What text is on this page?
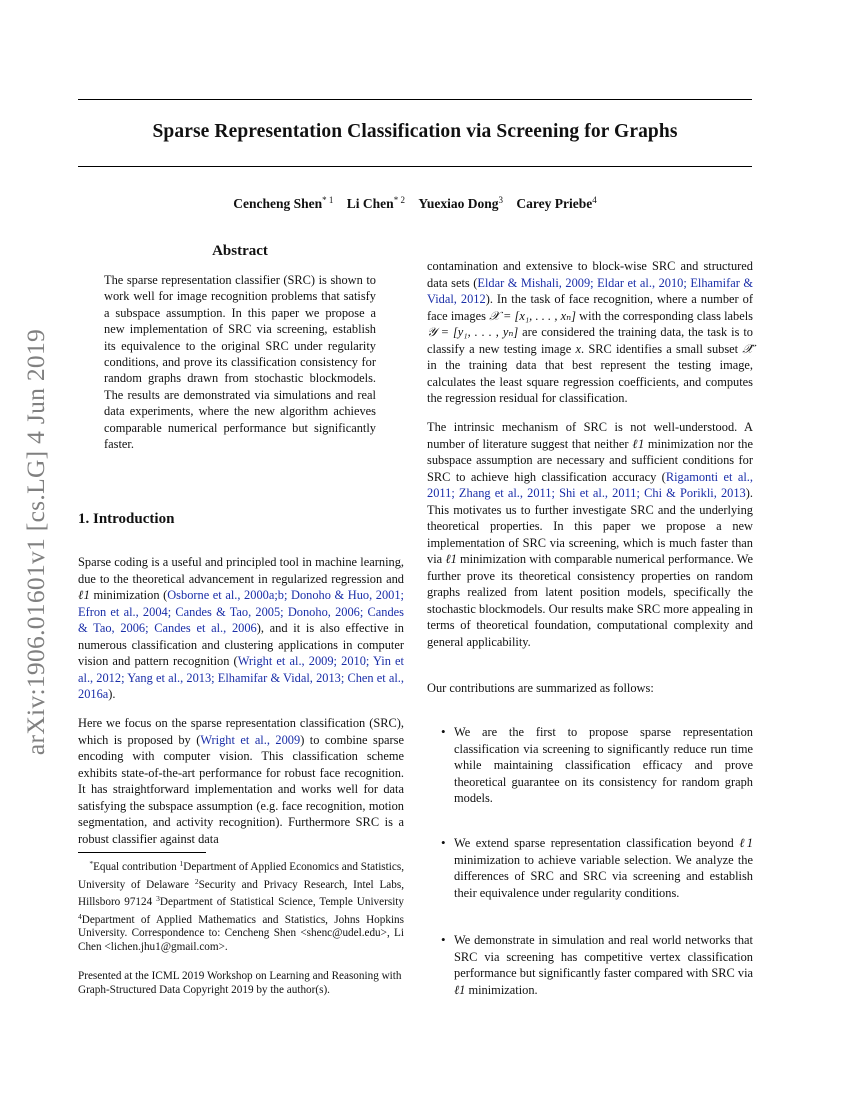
Sparse Representation Classification via Screening for Graphs
Cencheng Shen$^{* 1}$ Li Chen$^{* 2}$ Yuexiao Dong$^3$ Carey Priebe$^4$
arXiv:1906.01601v1 [cs.LG] 4 Jun 2019
Abstract
The sparse representation classifier (SRC) is shown to work well for image recognition problems that satisfy a subspace assumption. In this paper we propose a new implementation of SRC via screening, establish its equivalence to the original SRC under regularity conditions, and prove its classification consistency for random graphs drawn from stochastic blockmodels. The results are demonstrated via simulations and real data experiments, where the new algorithm achieves comparable numerical performance but significantly faster.
1. Introduction

Sparse coding is a useful and principled tool in machine learning, due to the theoretical advancement in regularized regression and ℓ1 minimization (Osborne et al., 2000a;b; Donoho & Huo, 2001; Efron et al., 2004; Candes & Tao, 2005; Donoho, 2006; Candes & Tao, 2006; Candes et al., 2006), and it is also effective in numerous classification and clustering applications in computer vision and pattern recognition (Wright et al., 2009; 2010; Yin et al., 2012; Yang et al., 2013; Elhamifar & Vidal, 2013; Chen et al., 2016a).

Here we focus on the sparse representation classification (SRC), which is proposed by (Wright et al., 2009) to combine sparse encoding with computer vision. This classification scheme exhibits state-of-the-art performance for robust face recognition. It has straightforward implementation and works well for data satisfying the subspace assumption (e.g. face recognition, motion segmentation, and activity recognition). Furthermore SRC is a robust classifier against data

*Equal contribution $^1$Department of Applied Economics and Statistics, University of Delaware $^2$Security and Privacy Research, Intel Labs, Hillsboro 97124 $^3$Department of Statistical Science, Temple University $^4$Department of Applied Mathematics and Statistics, Johns Hopkins University. Correspondence to: Cencheng Shen <shenc@udel.edu>, Li Chen <lichen.jhu1@gmail.com>.
Presented at the ICML 2019 Workshop on Learning and Reasoning with Graph-Structured Data Copyright 2019 by the author(s).

contamination and extensive to block-wise SRC and structured data sets (Eldar & Mishali, 2009; Eldar et al., 2010; Elhamifar & Vidal, 2012). In the task of face recognition, where a number of face images 𝒳 = [x₁, . . . , xₙ] with the corresponding class labels 𝒴 = [y₁, . . . , yₙ] are considered the training data, the task is to classify a new testing image x. SRC identifies a small subset 𝒳̂ in the training data that best represent the testing image, calculates the least square regression coefficients, and computes the regression residual for classification.

The intrinsic mechanism of SRC is not well-understood. A number of literature suggest that neither ℓ1 minimization nor the subspace assumption are necessary and sufficient conditions for SRC to achieve high classification accuracy (Rigamonti et al., 2011; Zhang et al., 2011; Shi et al., 2011; Chi & Porikli, 2013). This motivates us to further investigate SRC and the underlying theoretical properties. In this paper we propose a new implementation of SRC via screening, which is much faster than via ℓ1 minimization with comparable numerical performance. We further prove its theoretical consistency properties on random graphs realized from latent position models, specifically the stochastic blockmodels. Our results make SRC more appealing in terms of theoretical foundation, computational complexity and general applicability.

Our contributions are summarized as follows:
• We are the first to propose sparse representation classification via screening to significantly reduce run time while maintaining classification efficacy and prove theoretical guarantee on its consistency for random graph models.
• We extend sparse representation classification beyond ℓ1 minimization to achieve variable selection. We analyze the differences of SRC and SRC via screening and establish their equivalence under regularity conditions.
• We demonstrate in simulation and real world networks that SRC via screening has competitive vertex classification performance but significantly faster compared with SRC via ℓ1 minimization.
